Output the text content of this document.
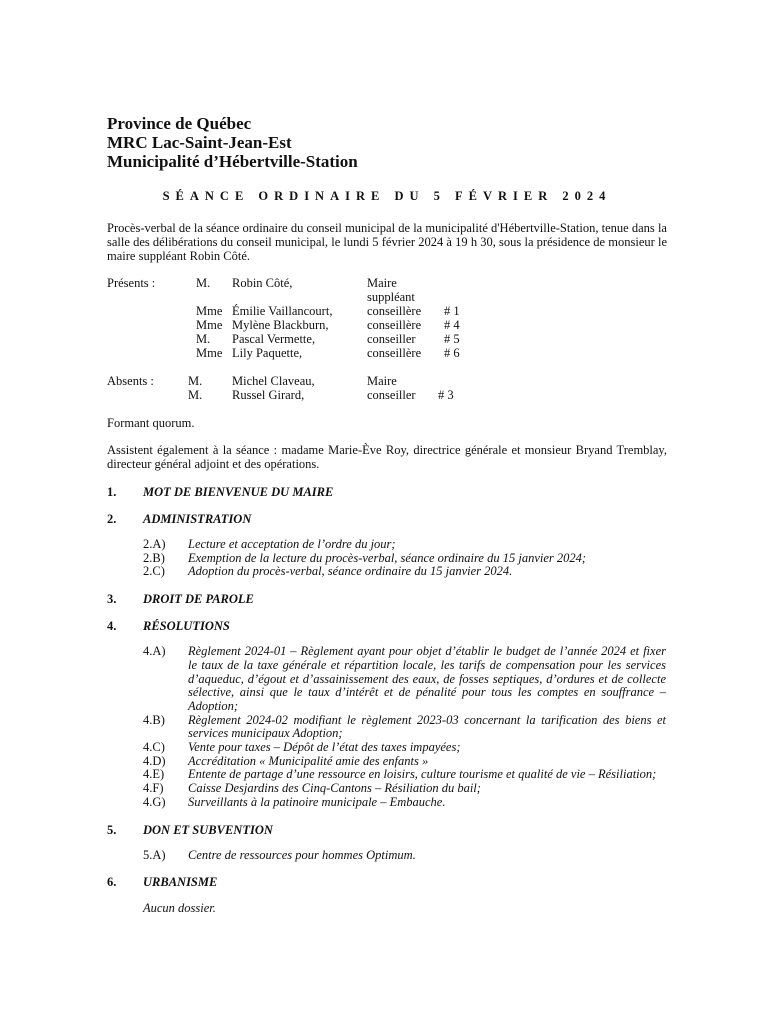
Province de Québec
MRC Lac-Saint-Jean-Est
Municipalité d’Hébertville-Station
SÉANCE ORDINAIRE DU 5 FÉVRIER 2024
Procès-verbal de la séance ordinaire du conseil municipal de la municipalité d'Hébertville-Station, tenue dans la salle des délibérations du conseil municipal, le lundi 5 février 2024 à 19 h 30, sous la présidence de monsieur le maire suppléant Robin Côté.
Présents :	M.	Robin Côté,	Maire suppléant
Mme Émilie Vaillancourt,	conseillère	# 1
Mme Mylène Blackburn,	conseillère	# 4
M.	Pascal Vermette,	conseiller	# 5
Mme Lily Paquette,	conseillère	# 6
Absents :	M.	Michel Claveau,	Maire
M.	Russel Girard,	conseiller	# 3
Formant quorum.
Assistent également à la séance : madame Marie-Ève Roy, directrice générale et monsieur Bryand Tremblay, directeur général adjoint et des opérations.
1.	MOT DE BIENVENUE DU MAIRE
2.	ADMINISTRATION
2.A)	Lecture et acceptation de l’ordre du jour;
2.B)	Exemption de la lecture du procès-verbal, séance ordinaire du 15 janvier 2024;
2.C)	Adoption du procès-verbal, séance ordinaire du 15 janvier 2024.
3.	DROIT DE PAROLE
4.	RÉSOLUTIONS
4.A)	Règlement 2024-01 – Règlement ayant pour objet d’établir le budget de l’année 2024 et fixer le taux de la taxe générale et répartition locale, les tarifs de compensation pour les services d’aqueduc, d’égout et d’assainissement des eaux, de fosses septiques, d’ordures et de collecte sélective, ainsi que le taux d’intérêt et de pénalité pour tous les comptes en souffrance – Adoption;
4.B)	Règlement 2024-02 modifiant le règlement 2023-03 concernant la tarification des biens et services municipaux Adoption;
4.C)	Vente pour taxes – Dépôt de l’état des taxes impayées;
4.D)	Accréditation « Municipalité amie des enfants »
4.E)	Entente de partage d’une ressource en loisirs, culture tourisme et qualité de vie – Résiliation;
4.F)	Caisse Desjardins des Cinq-Cantons – Résiliation du bail;
4.G)	Surveillants à la patinoire municipale – Embauche.
5.	DON ET SUBVENTION
5.A)	Centre de ressources pour hommes Optimum.
6.	URBANISME
Aucun dossier.
